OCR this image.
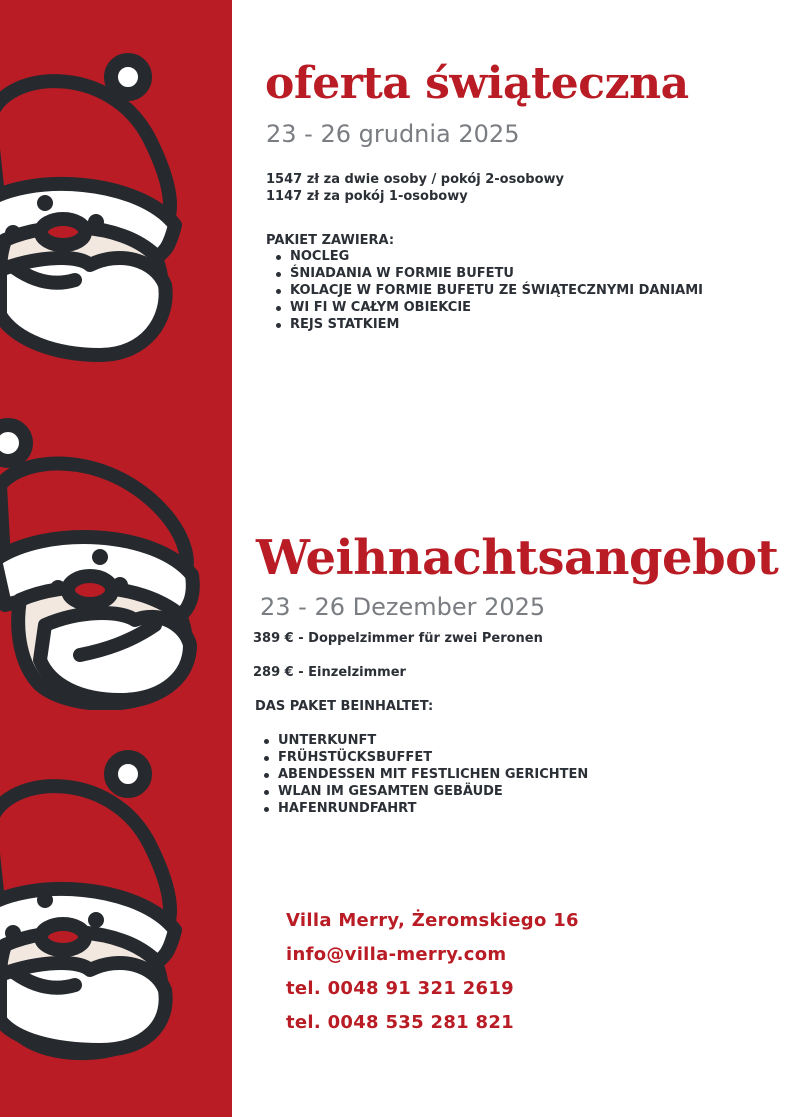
oferta świąteczna

23 - 26 grudnia 2025

1547 zł za dwie osoby / pokój 2-osobowy

1147 zł za pokój 1-osobowy

PAKIET ZAWIERA:

NOCLEG
ŚNIADANIA W FORMIE BUFETU
KOLACJE W FORMIE BUFETU ZE ŚWIĄTECZNYMI DANIAMI
WI FI W CAŁYM OBIEKCIE
REJS STATKIEM
Weihnachtsangebot

23 - 26 Dezember 2025

389 € - Doppelzimmer für zwei Peronen

289 € - Einzelzimmer

DAS PAKET BEINHALTET:

UNTERKUNFT
FRÜHSTÜCKSBUFFET
ABENDESSEN MIT FESTLICHEN GERICHTEN
WLAN IM GESAMTEN GEBÄUDE
HAFENRUNDFAHRT

Villa Merry, Żeromskiego 16

info@villa-merry.com

tel. 0048 91 321 2619

tel. 0048 535 281 821
